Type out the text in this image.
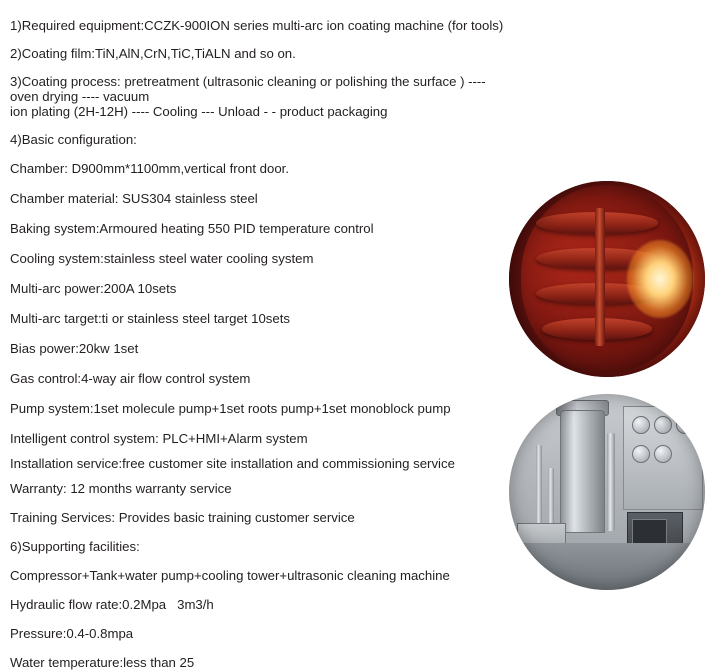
1)Required equipment:CCZK-900ION series multi-arc ion coating machine (for tools)

2)Coating film:TiN,AlN,CrN,TiC,TiALN and so on.

3)Coating process: pretreatment (ultrasonic cleaning or polishing the surface ) ---- oven drying ---- vacuum

ion plating (2H-12H) ---- Cooling --- Unload - - product packaging

4)Basic configuration:

Chamber: D900mm*1100mm,vertical front door.

Chamber material: SUS304 stainless steel

Baking system:Armoured heating 550 PID temperature control

Cooling system:stainless steel water cooling system

Multi-arc power:200A 10sets

Multi-arc target:ti or stainless steel target 10sets

Bias power:20kw 1set

Gas control:4-way air flow control system

Pump system:1set molecule pump+1set roots pump+1set monoblock pump

Intelligent control system: PLC+HMI+Alarm system

Installation service:free customer site installation and commissioning service

Warranty: 12 months warranty service

Training Services: Provides basic training customer service

6)Supporting facilities:

Compressor+Tank+water pump+cooling tower+ultrasonic cleaning machine

Hydraulic flow rate:0.2Mpa   3m3/h

Pressure:0.4-0.8mpa

Water temperature:less than 25
